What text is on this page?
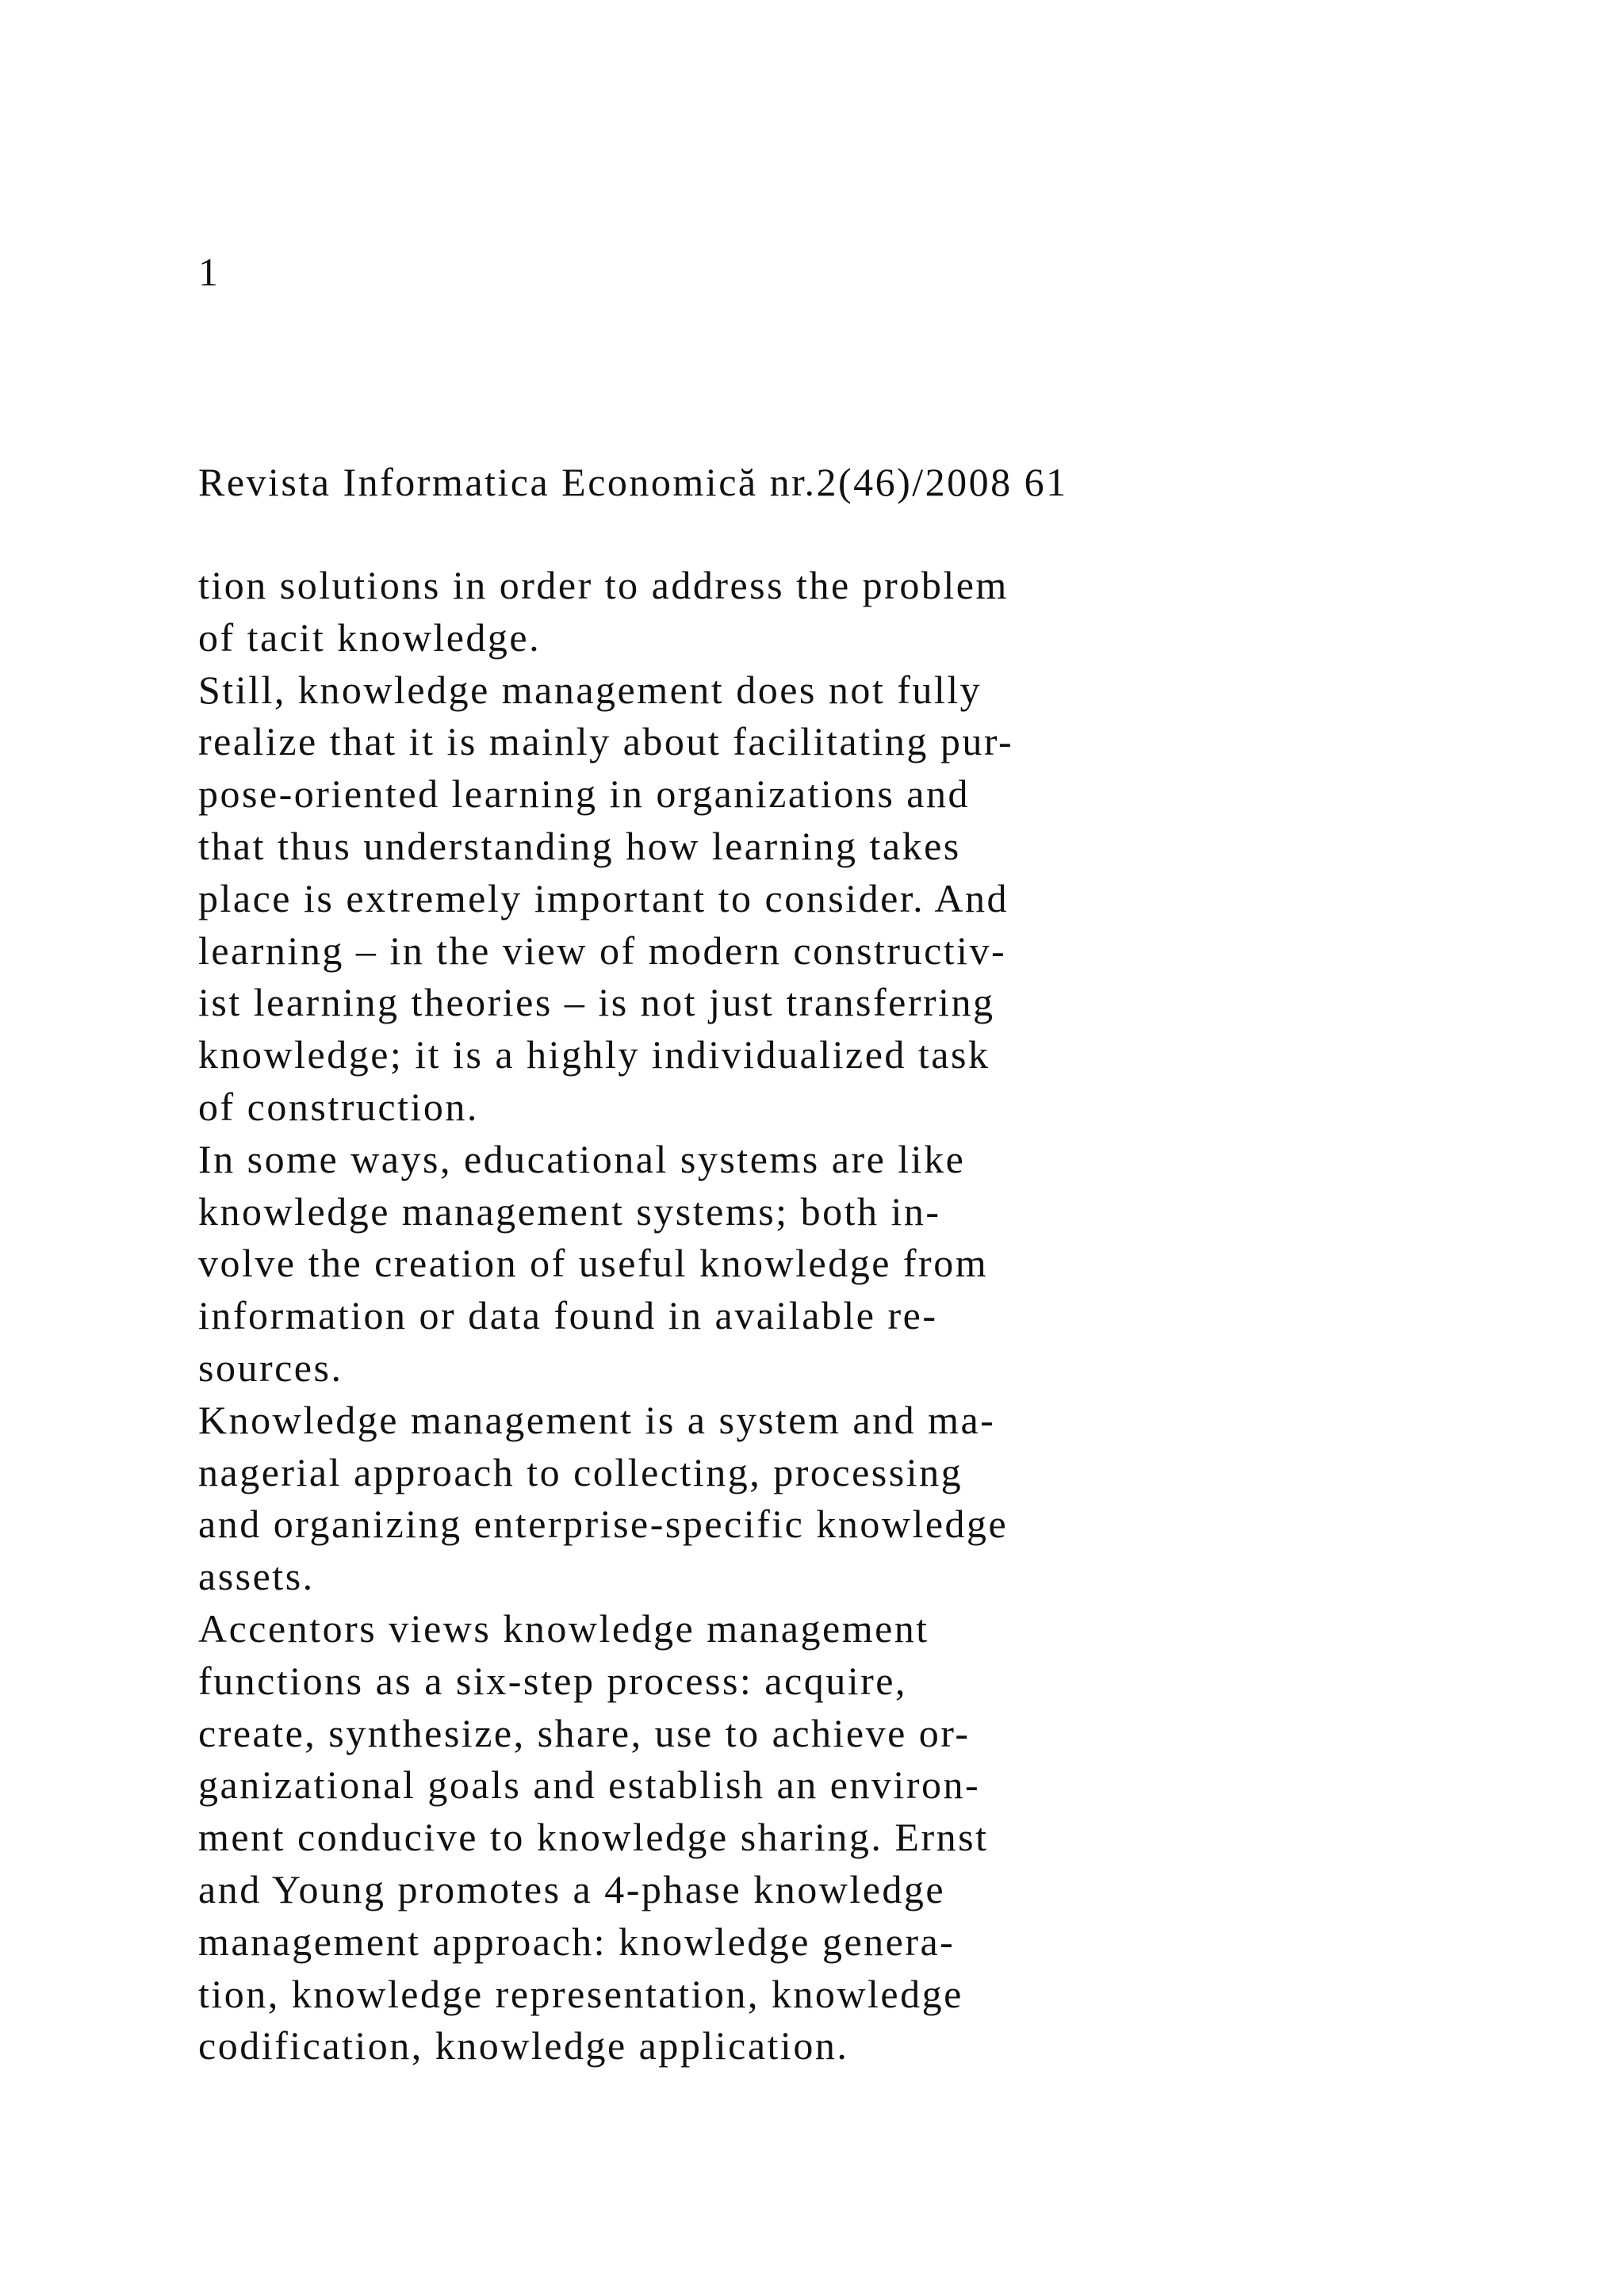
1

Revista Informatica Economică nr.2(46)/2008 61

tion solutions in order to address the problem
of tacit knowledge.
Still, knowledge management does not fully
realize that it is mainly about facilitating pur-
pose-oriented learning in organizations and
that thus understanding how learning takes
place is extremely important to consider. And
learning – in the view of modern constructiv-
ist learning theories – is not just transferring
knowledge; it is a highly individualized task
of construction.
In some ways, educational systems are like
knowledge management systems; both in-
volve the creation of useful knowledge from
information or data found in available re-
sources.
Knowledge management is a system and ma-
nagerial approach to collecting, processing
and organizing enterprise-specific knowledge
assets.
Accentors views knowledge management
functions as a six-step process: acquire,
create, synthesize, share, use to achieve or-
ganizational goals and establish an environ-
ment conducive to knowledge sharing. Ernst
and Young promotes a 4-phase knowledge
management approach: knowledge genera-
tion, knowledge representation, knowledge
codification, knowledge application.
